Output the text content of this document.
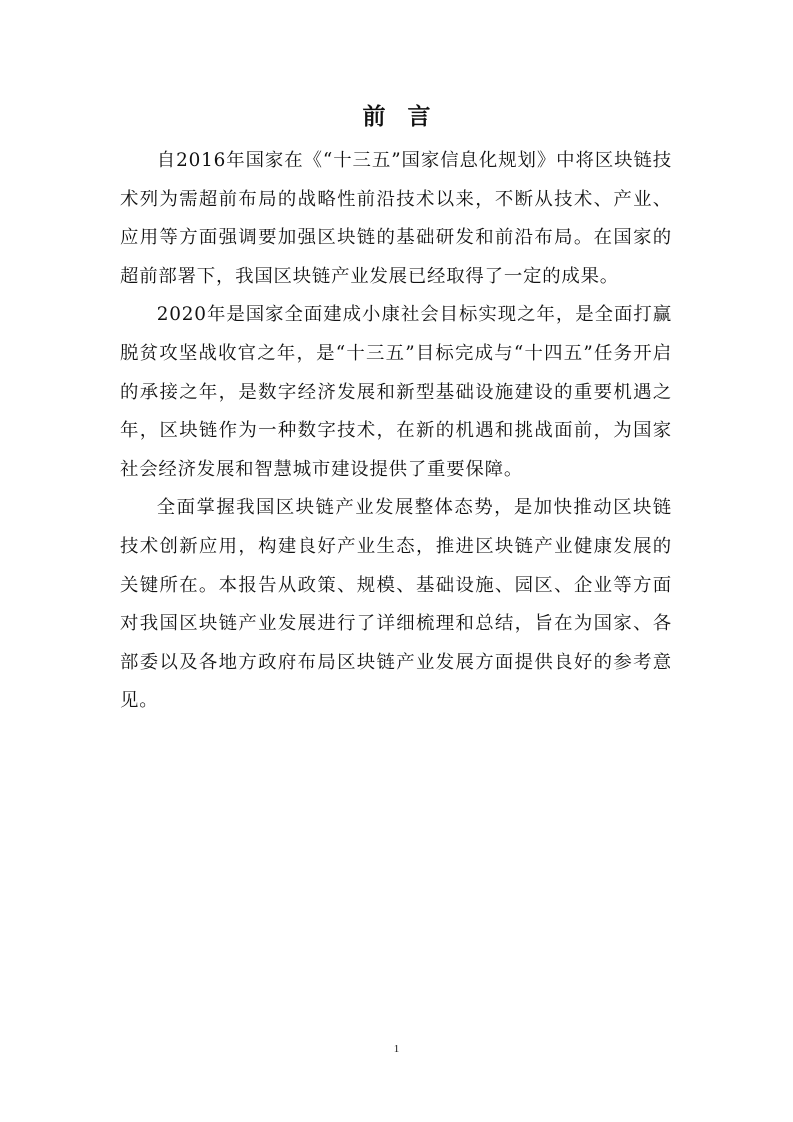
前言

自2016年国家在《“十三五”国家信息化规划》中将区块链技术列为需超前布局的战略性前沿技术以来，不断从技术、产业、应用等方面强调要加强区块链的基础研发和前沿布局。在国家的超前部署下，我国区块链产业发展已经取得了一定的成果。

2020年是国家全面建成小康社会目标实现之年，是全面打赢脱贫攻坚战收官之年，是“十三五”目标完成与“十四五”任务开启的承接之年，是数字经济发展和新型基础设施建设的重要机遇之年，区块链作为一种数字技术，在新的机遇和挑战面前，为国家社会经济发展和智慧城市建设提供了重要保障。

全面掌握我国区块链产业发展整体态势，是加快推动区块链技术创新应用，构建良好产业生态，推进区块链产业健康发展的关键所在。本报告从政策、规模、基础设施、园区、企业等方面对我国区块链产业发展进行了详细梳理和总结，旨在为国家、各部委以及各地方政府布局区块链产业发展方面提供良好的参考意见。

1
